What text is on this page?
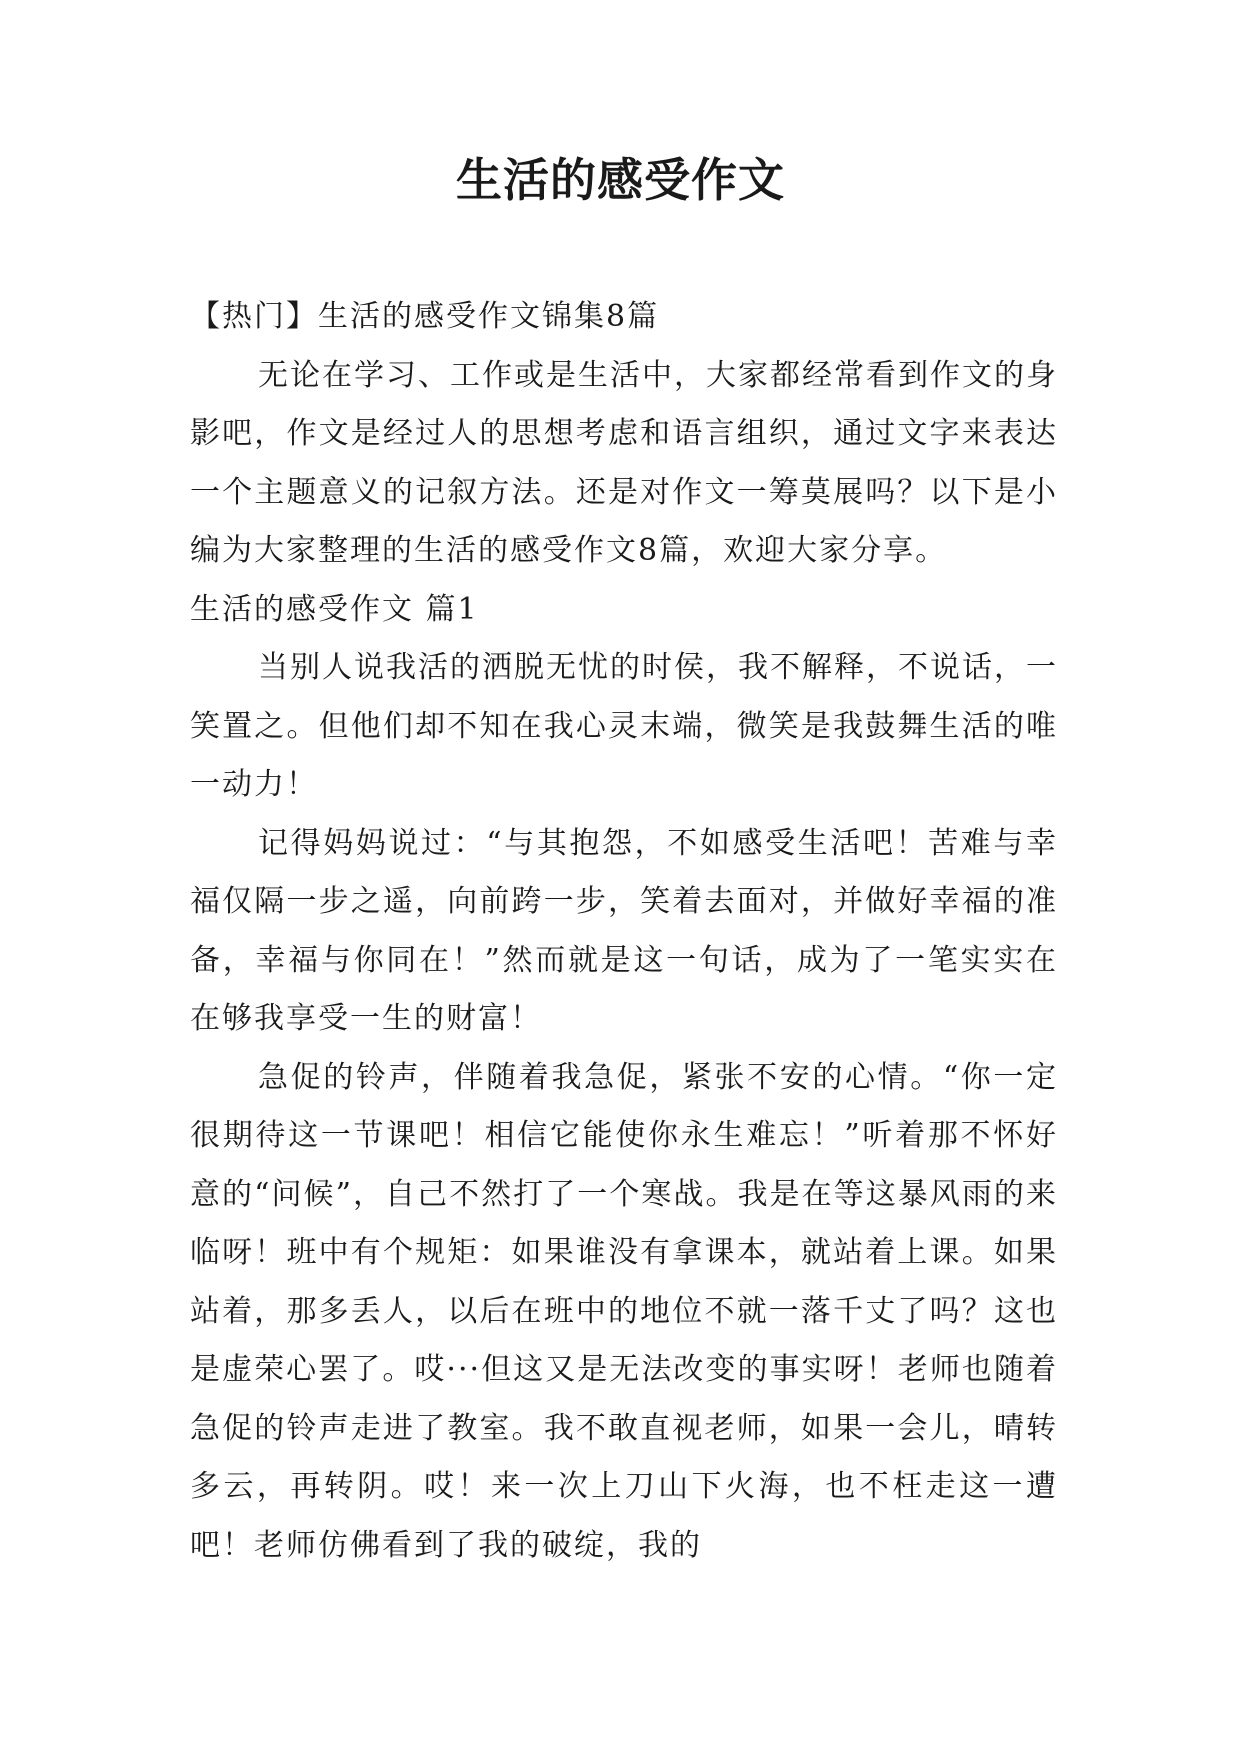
生活的感受作文

【热门】生活的感受作文锦集8篇

无论在学习、工作或是生活中，大家都经常看到作文的身影吧，作文是经过人的思想考虑和语言组织，通过文字来表达一个主题意义的记叙方法。还是对作文一筹莫展吗？以下是小编为大家整理的生活的感受作文8篇，欢迎大家分享。

生活的感受作文 篇1

当别人说我活的洒脱无忧的时侯，我不解释，不说话，一笑置之。但他们却不知在我心灵末端，微笑是我鼓舞生活的唯一动力！

记得妈妈说过：“与其抱怨，不如感受生活吧！苦难与幸福仅隔一步之遥，向前跨一步，笑着去面对，并做好幸福的准备，幸福与你同在！”然而就是这一句话，成为了一笔实实在在够我享受一生的财富！

急促的铃声，伴随着我急促，紧张不安的心情。“你一定很期待这一节课吧！相信它能使你永生难忘！”听着那不怀好意的“问候”，自己不然打了一个寒战。我是在等这暴风雨的来临呀！班中有个规矩：如果谁没有拿课本，就站着上课。如果站着，那多丢人，以后在班中的地位不就一落千丈了吗？这也是虚荣心罢了。哎···但这又是无法改变的事实呀！老师也随着急促的铃声走进了教室。我不敢直视老师，如果一会儿，晴转多云，再转阴。哎！来一次上刀山下火海，也不枉走这一遭吧！老师仿佛看到了我的破绽，我的
